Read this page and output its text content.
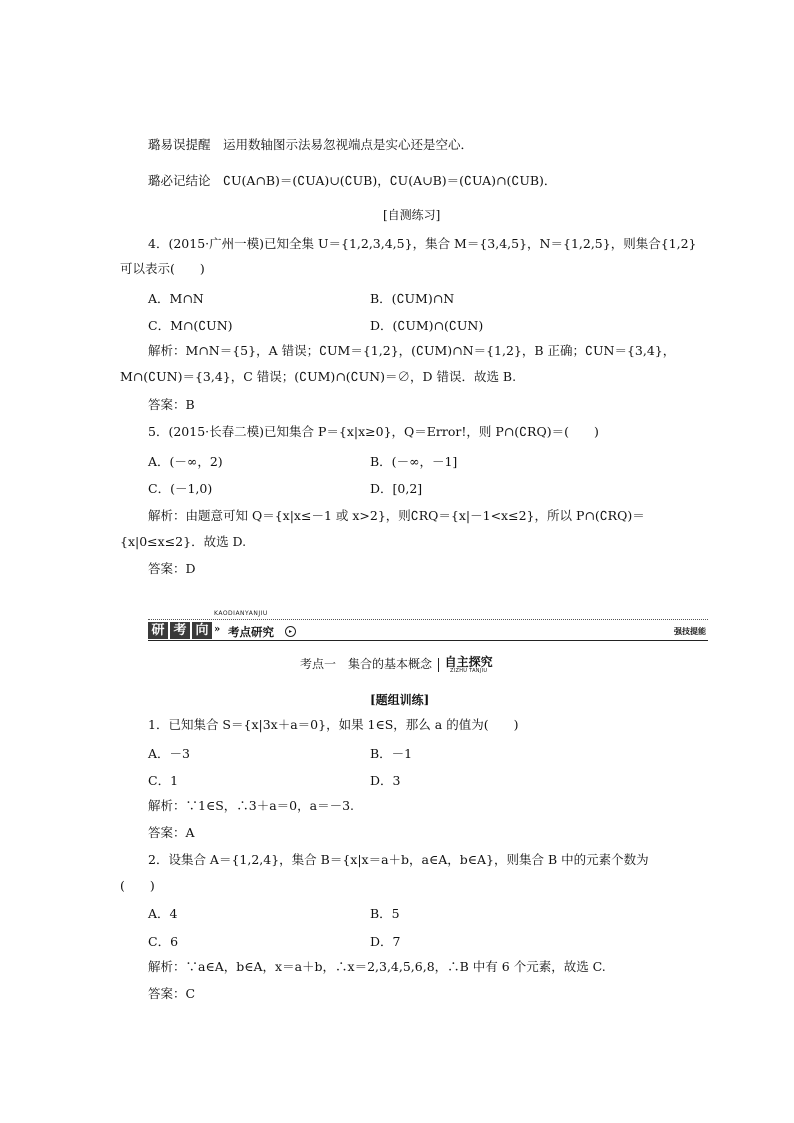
璐易误提醒　运用数轴图示法易忽视端点是实心还是空心．
璐必记结论　∁U(A∩B)＝(∁UA)∪(∁UB)，∁U(A∪B)＝(∁UA)∩(∁UB)．
[自测练习]
4．(2015·广州一模)已知全集 U＝{1,2,3,4,5}，集合 M＝{3,4,5}，N＝{1,2,5}，则集合{1,2}
可以表示(　　)
A．M∩N	B．(∁UM)∩N
C．M∩(∁UN)	D．(∁UM)∩(∁UN)
解析：M∩N＝{5}，A 错误；∁UM＝{1,2}，(∁UM)∩N＝{1,2}，B 正确；∁UN＝{3,4}，
M∩(∁UN)＝{3,4}，C 错误；(∁UM)∩(∁UN)＝∅，D 错误．故选 B.
答案：B
5．(2015·长春二模)已知集合 P＝{x|x≥0}，Q＝Error!，则 P∩(∁RQ)＝(　　)
A．(－∞，2)	B．(－∞，－1]
C．(－1,0)	D．[0,2]
解析：由题意可知 Q＝{x|x≤－1 或 x>2}，则∁RQ＝{x|－1<x≤2}，所以 P∩(∁RQ)＝
{x|0≤x≤2}．故选 D.
答案：D
研 考 向
KAODIANYANJIU
» 考点研究	▸	强技提能
考点一　集合的基本概念 自主探究
ZIZHU TANJIU
[题组训练]
1．已知集合 S＝{x|3x＋a＝0}，如果 1∈S，那么 a 的值为(　　)
A．－3	B．－1
C．1	D．3
解析：∵1∈S，∴3＋a＝0，a＝－3.
答案：A
2．设集合 A＝{1,2,4}，集合 B＝{x|x＝a＋b，a∈A，b∈A}，则集合 B 中的元素个数为
(　　)
A．4	B．5
C．6	D．7
解析：∵a∈A，b∈A，x＝a＋b，∴x＝2,3,4,5,6,8，∴B 中有 6 个元素，故选 C.
答案：C
